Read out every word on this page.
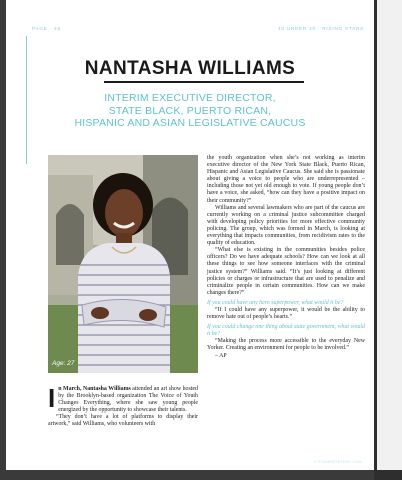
PAGE · 48	40 UNDER 40 · RISING STARS
NANTASHA WILLIAMS
INTERIM EXECUTIVE DIRECTOR,
STATE BLACK, PUERTO RICAN,
HISPANIC AND ASIAN LEGISLATIVE CAUCUS
Age: 27

In March, Nantasha Williams attended an art show hosted by the Brooklyn-based organization The Voice of Youth Changes Everything, where she saw young people energized by the opportunity to showcase their talents.

“They don’t have a lot of platforms to display their artwork,” said Williams, who volunteers with

the youth organization when she’s not working as interim executive director of the New York State Black, Puerto Rican, Hispanic and Asian Legislative Caucus. She said she is passionate about giving a voice to people who are underrepresented – including those not yet old enough to vote. If young people don’t have a voice, she asked, “how can they have a positive impact on their community?”

Williams and several lawmakers who are part of the caucus are currently working on a criminal justice subcommittee charged with developing policy priorities for more effective community policing. The group, which was formed in March, is looking at everything that impacts communities, from recidivism rates to the quality of education.

“What else is existing in the communities besides police officers? Do we have adequate schools? How can we look at all these things to see how someone interfaces with the criminal justice system?” Williams said. “It’s just looking at different policies or charges or infrastructure that are used to penalize and criminalize people in certain communities. How can we make changes there?”

If you could have any hero superpower, what would it be?

“If I could have any superpower, it would be the ability to remove hate out of people’s hearts.”

If you could change one thing about state government, what would it be?

“Making the process more accessible to the everyday New Yorker. Creating an environment for people to be involved.”

– AP

CITYANDSTATENY.COM
